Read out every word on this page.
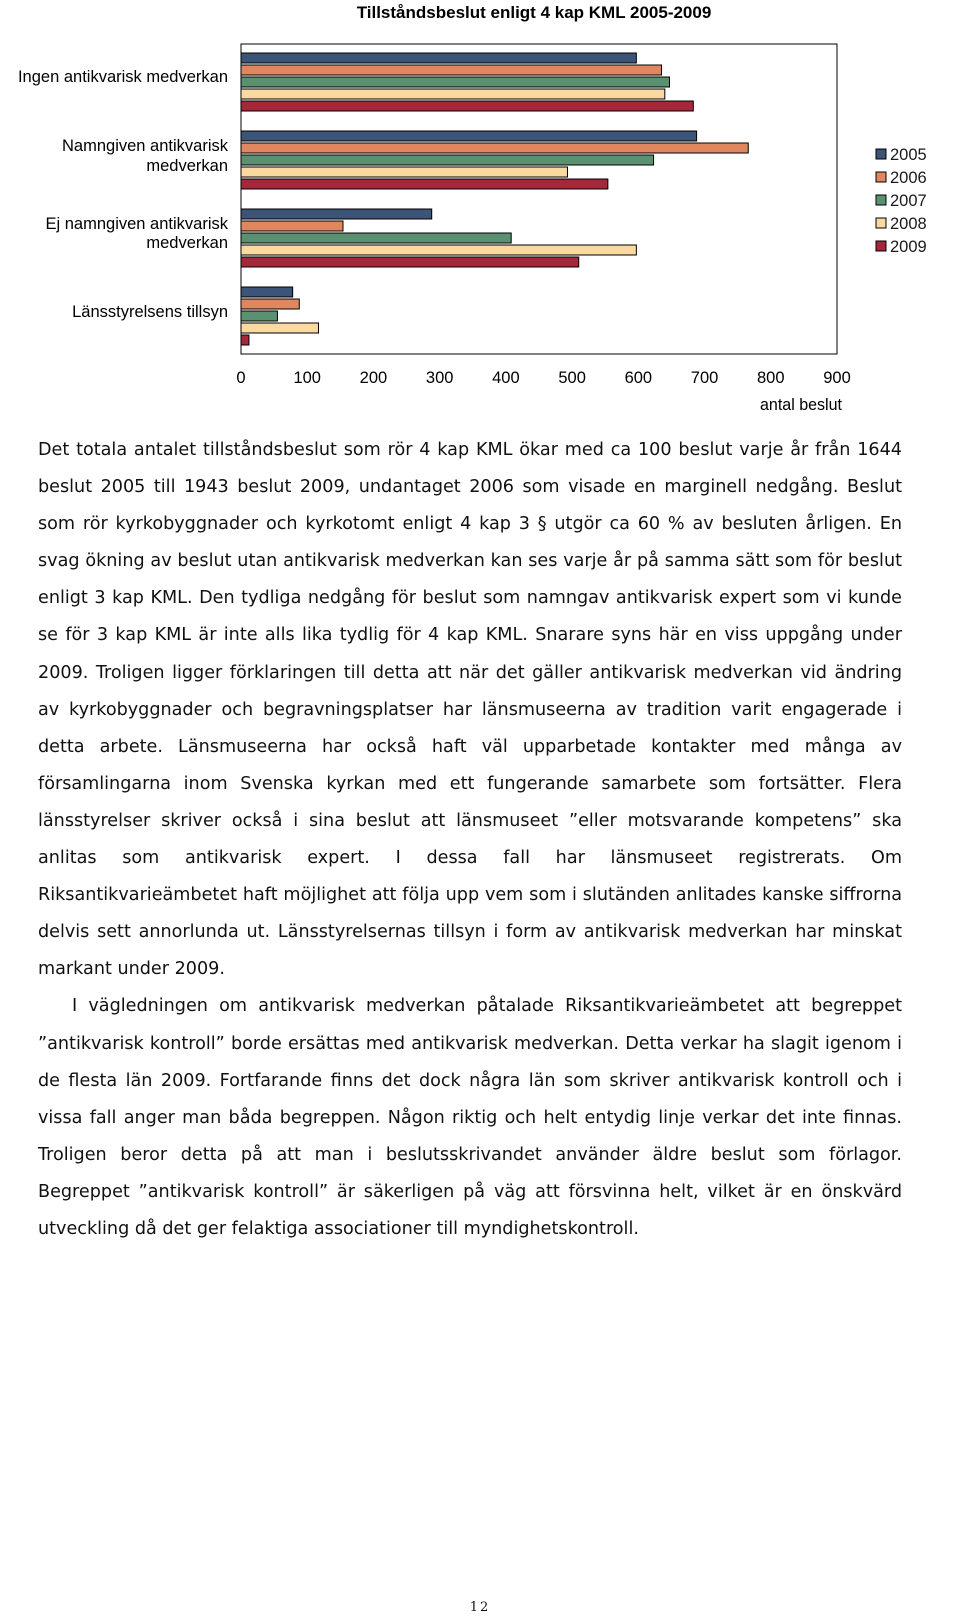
Tillståndsbeslut enligt 4 kap KML 2005-2009
Ingen antikvarisk medverkan
Namngiven antikvarisk
medverkan
Ej namngiven antikvarisk
medverkan
Länsstyrelsens tillsyn
0	100 200 300 400 500 600 700 800 900
antal beslut
2005
2006
2007
2008
2009

Det totala antalet tillståndsbeslut som rör 4 kap KML ökar med ca 100 beslut varje år från 1644 beslut 2005 till 1943 beslut 2009, undantaget 2006 som visade en marginell nedgång. Beslut som rör kyrkobyggnader och kyrkotomt enligt 4 kap 3 § utgör ca 60 % av besluten årligen. En svag ökning av beslut utan antikvarisk medverkan kan ses varje år på samma sätt som för beslut enligt 3 kap KML. Den tydliga nedgång för beslut som namngav antikvarisk expert som vi kunde se för 3 kap KML är inte alls lika tydlig för 4 kap KML. Snarare syns här en viss uppgång under 2009. Troligen ligger förklaringen till detta att när det gäller antikvarisk medverkan vid ändring av kyrkobyggnader och begravningsplatser har länsmuseerna av tradition varit engagerade i detta arbete. Länsmuseerna har också haft väl upparbetade kontakter med många av församlingarna inom Svenska kyrkan med ett fungerande samarbete som fortsätter. Flera länsstyrelser skriver också i sina beslut att länsmuseet ”eller motsvarande kompetens” ska anlitas som antikvarisk expert. I dessa fall har länsmuseet registrerats. Om Riksantikvarieämbetet haft möjlighet att följa upp vem som i slutänden anlitades kanske siffrorna delvis sett annorlunda ut. Länsstyrelsernas tillsyn i form av antikvarisk medverkan har minskat markant under 2009.

I vägledningen om antikvarisk medverkan påtalade Riksantikvarieämbetet att begreppet ”antikvarisk kontroll” borde ersättas med antikvarisk medverkan. Detta verkar ha slagit igenom i de flesta län 2009. Fortfarande finns det dock några län som skriver antikvarisk kontroll och i vissa fall anger man båda begreppen. Någon riktig och helt entydig linje verkar det inte finnas. Troligen beror detta på att man i beslutsskrivandet använder äldre beslut som förlagor. Begreppet ”antikvarisk kontroll” är säkerligen på väg att försvinna helt, vilket är en önskvärd utveckling då det ger felaktiga associationer till myndighetskontroll.

12
